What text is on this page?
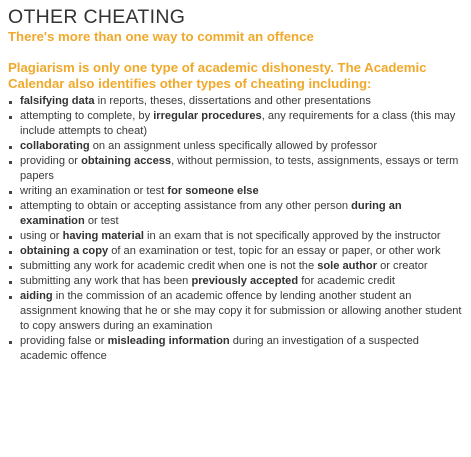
OTHER CHEATING

There's more than one way to commit an offence

Plagiarism is only one type of academic dishonesty. The Academic Calendar also identifies other types of cheating including:

falsifying data in reports, theses, dissertations and other presentations
attempting to complete, by irregular procedures, any requirements for a class (this may include attempts to cheat)
collaborating on an assignment unless specifically allowed by professor
providing or obtaining access, without permission, to tests, assignments, essays or term papers
writing an examination or test for someone else
attempting to obtain or accepting assistance from any other person during an examination or test
using or having material in an exam that is not specifically approved by the instructor
obtaining a copy of an examination or test, topic for an essay or paper, or other work
submitting any work for academic credit when one is not the sole author or creator
submitting any work that has been previously accepted for academic credit
aiding in the commission of an academic offence by lending another student an assignment knowing that he or she may copy it for submission or allowing another student to copy answers during an examination
providing false or misleading information during an investigation of a suspected academic offence
